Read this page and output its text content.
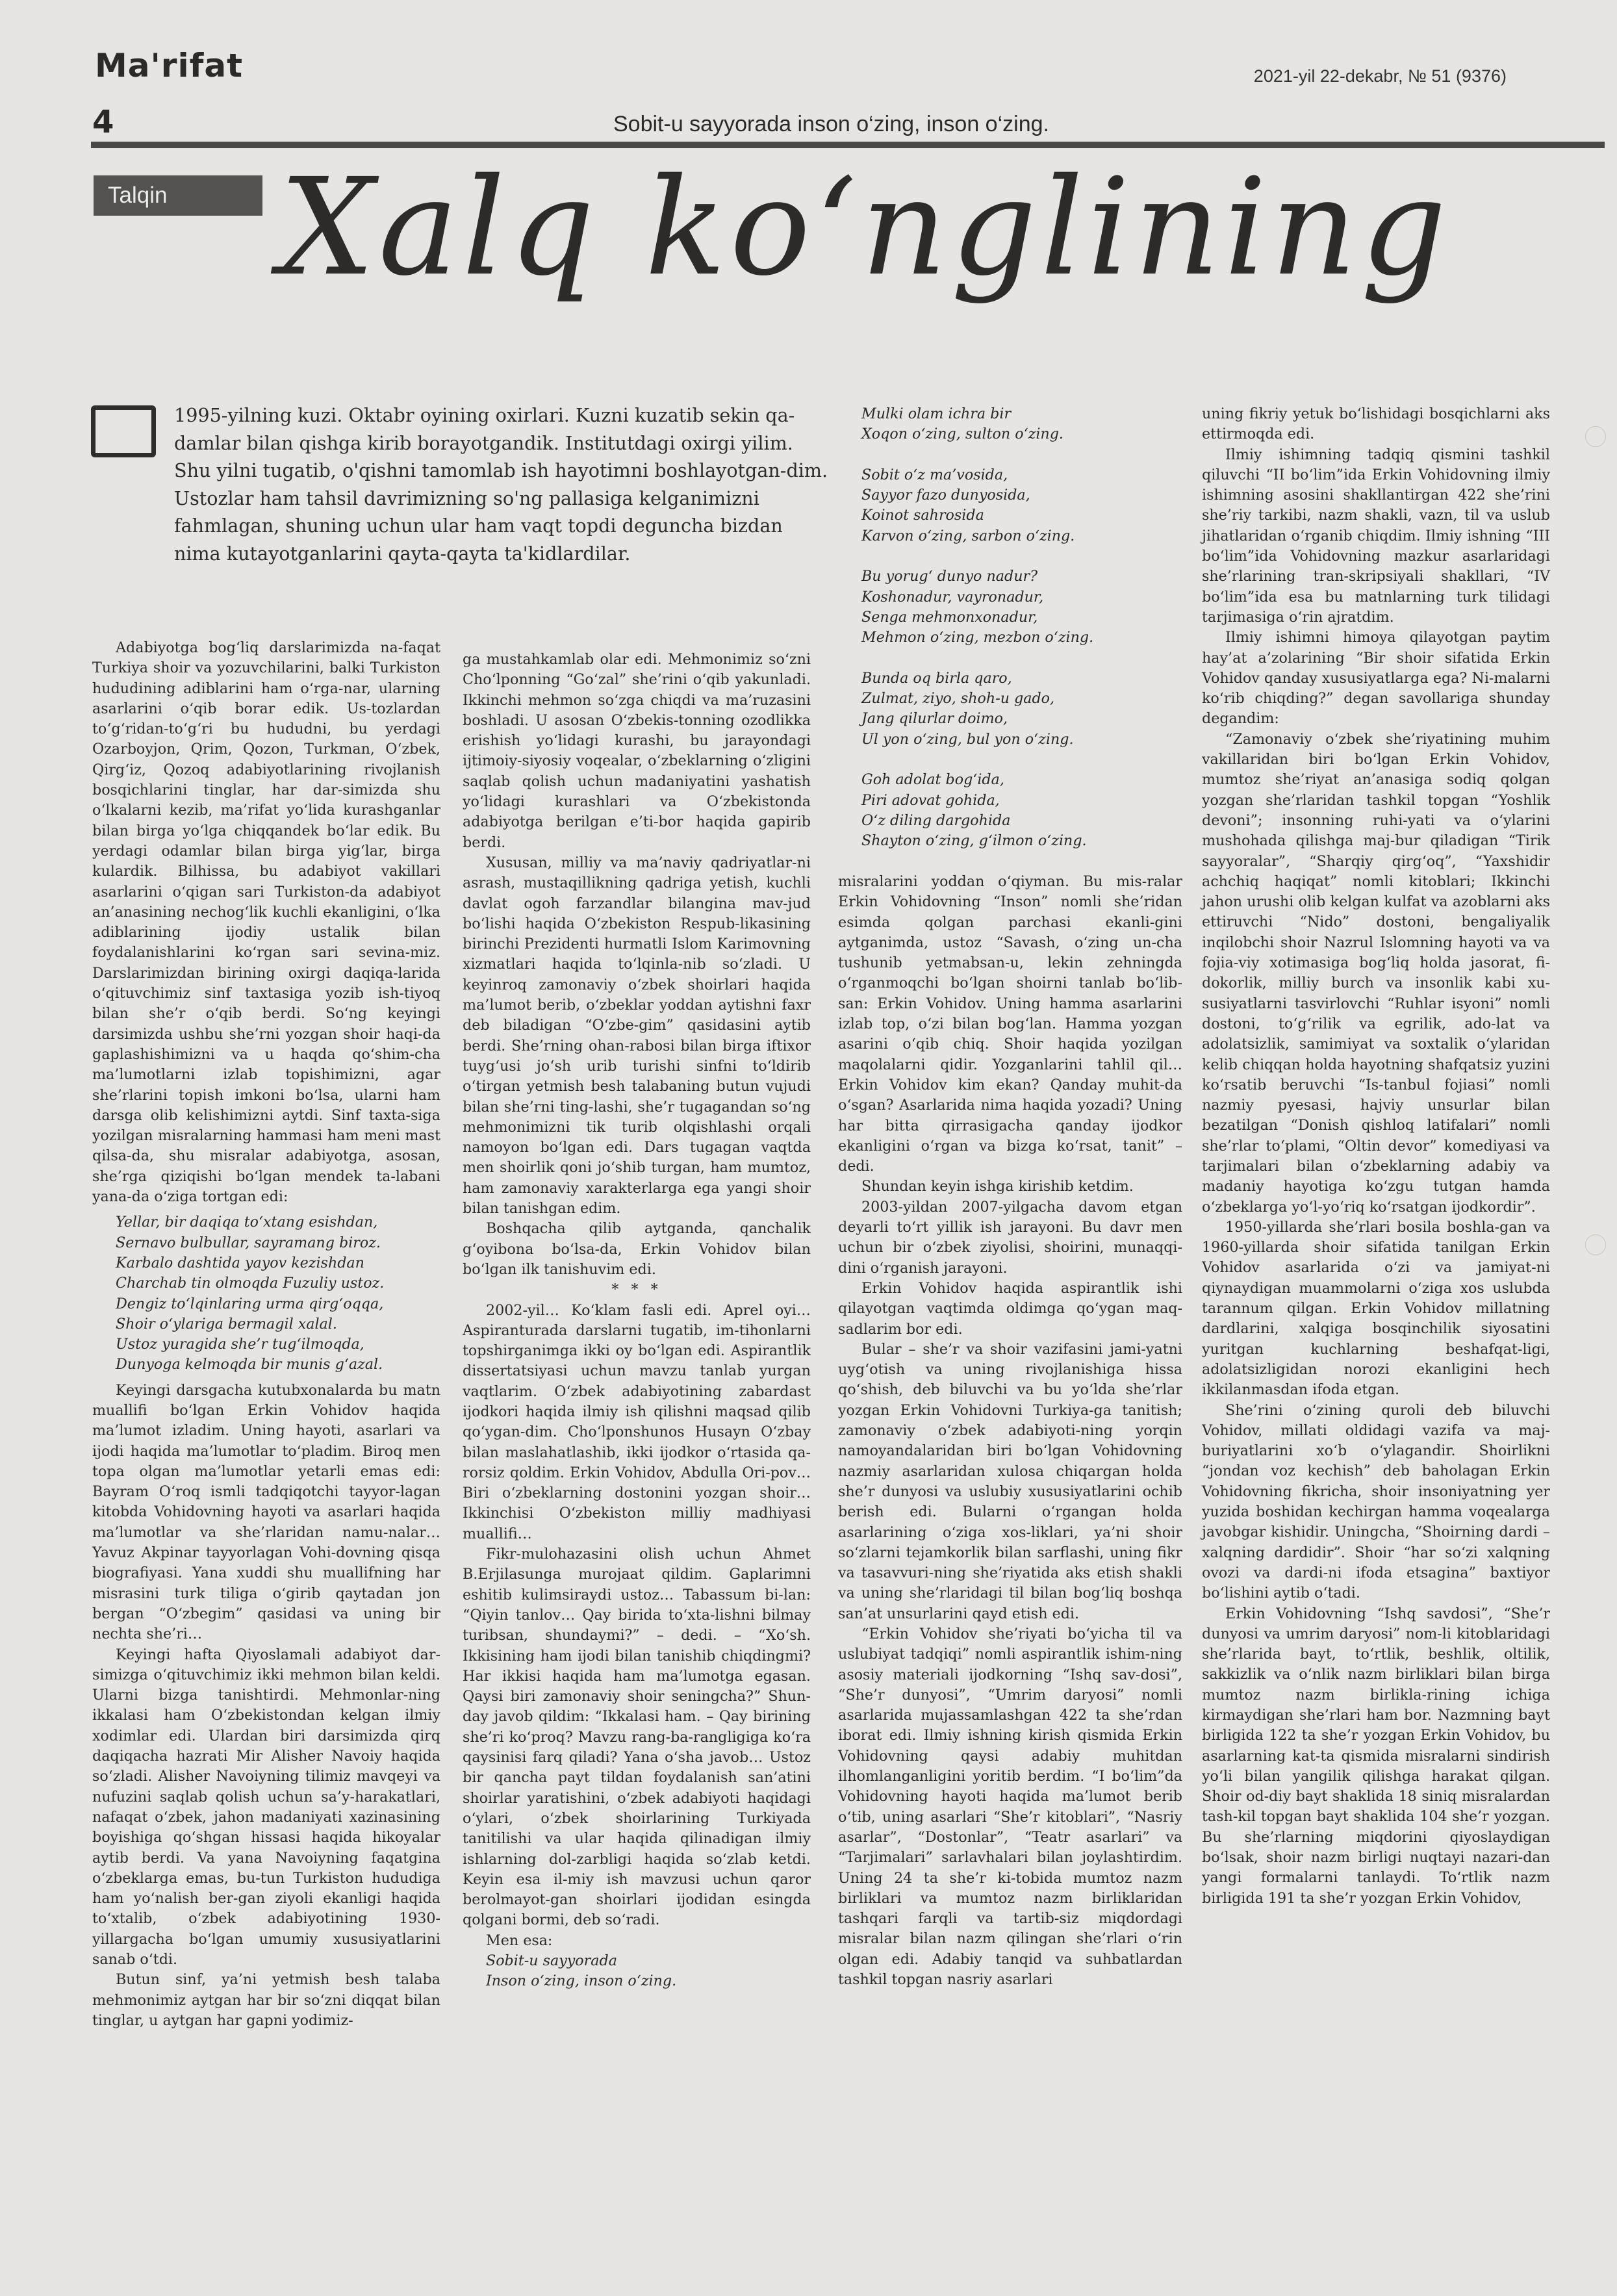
Ma'rifat	2021-yil 22-dekabr, № 51 (9376)
4	Sobit-u sayyorada inson o‘zing, inson o‘zing.
Talqin Xalq ko‘nglining

1995-yilning kuzi. Oktabr oyining oxirlari. Kuzni kuzatib sekin qa-damlar bilan qishga kirib borayotgandik. Institutdagi oxirgi yilim. Shu yilni tugatib, o'qishni tamomlab ish hayotimni boshlayotgan-dim. Ustozlar ham tahsil davrimizning so'ng pallasiga kelganimizni fahmlagan, shuning uchun ular ham vaqt topdi deguncha bizdan nima kutayotganlarini qayta-qayta ta'kidlardilar.

Adabiyotga bog‘liq darslarimizda na-faqat Turkiya shoir va yozuvchilarini, balki Turkiston hududining adiblarini ham o‘rga-nar, ularning asarlarini o‘qib borar edik. Us-tozlardan to‘g‘ridan-to‘g‘ri bu hududni, bu yerdagi Ozarboyjon, Qrim, Qozon, Turkman, O‘zbek, Qirg‘iz, Qozoq adabiyotlarining rivojlanish bosqichlarini tinglar, har dar-simizda shu o‘lkalarni kezib, ma’rifat yo‘lida kurashganlar bilan birga yo‘lga chiqqandek bo‘lar edik. Bu yerdagi odamlar bilan birga yig‘lar, birga kulardik. Bilhissa, bu adabiyot vakillari asarlarini o‘qigan sari Turkiston-da adabiyot an’anasining nechog‘lik kuchli ekanligini, o‘lka adiblarining ijodiy ustalik bilan foydalanishlarini ko‘rgan sari sevina-miz. Darslarimizdan birining oxirgi daqiqa-larida o‘qituvchimiz sinf taxtasiga yozib ish-tiyoq bilan she’r o‘qib berdi. So‘ng keyingi darsimizda ushbu she’rni yozgan shoir haqi-da gaplashishimizni va u haqda qo‘shim-cha ma’lumotlarni izlab topishimizni, agar she’rlarini topish imkoni bo‘lsa, ularni ham darsga olib kelishimizni aytdi. Sinf taxta-siga yozilgan misralarning hammasi ham meni mast qilsa-da, shu misralar adabiyotga, asosan, she’rga qiziqishi bo‘lgan mendek ta-labani yana-da o‘ziga tortgan edi:

Yellar, bir daqiqa to‘xtang esishdan,
Sernavo bulbullar, sayramang biroz.
Karbalo dashtida yayov kezishdan
Charchab tin olmoqda Fuzuliy ustoz.
Dengiz to‘lqinlaring urma qirg‘oqqa,
Shoir o‘ylariga bermagil xalal.
Ustoz yuragida she’r tug‘ilmoqda,
Dunyoga kelmoqda bir munis g‘azal.

Keyingi darsgacha kutubxonalarda bu matn muallifi bo‘lgan Erkin Vohidov haqida ma’lumot izladim. Uning hayoti, asarlari va ijodi haqida ma’lumotlar to‘pladim. Biroq men topa olgan ma’lumotlar yetarli emas edi: Bayram O‘roq ismli tadqiqotchi tayyor-lagan kitobda Vohidovning hayoti va asarlari haqida ma’lumotlar va she’rlaridan namu-nalar… Yavuz Akpinar tayyorlagan Vohi-dovning qisqa biografiyasi. Yana xuddi shu muallifning har misrasini turk tiliga o‘girib qaytadan jon bergan “O‘zbegim” qasidasi va uning bir nechta she’ri…

Keyingi hafta Qiyoslamali adabiyot dar-simizga o‘qituvchimiz ikki mehmon bilan keldi. Ularni bizga tanishtirdi. Mehmonlar-ning ikkalasi ham O‘zbekistondan kelgan ilmiy xodimlar edi. Ulardan biri darsimizda qirq daqiqacha hazrati Mir Alisher Navoiy haqida so‘zladi. Alisher Navoiyning tilimiz mavqeyi va nufuzini saqlab qolish uchun sa’y-harakatlari, nafaqat o‘zbek, jahon madaniyati xazinasining boyishiga qo‘shgan hissasi haqida hikoyalar aytib berdi. Va yana Navoiyning faqatgina o‘zbeklarga emas, bu-tun Turkiston hududiga ham yo‘nalish ber-gan ziyoli ekanligi haqida to‘xtalib, o‘zbek adabiyotining 1930-yillargacha bo‘lgan umumiy xususiyatlarini sanab o‘tdi.

Butun sinf, ya’ni yetmish besh talaba mehmonimiz aytgan har bir so‘zni diqqat bilan tinglar, u aytgan har gapni yodimiz-

ga mustahkamlab olar edi. Mehmonimiz so‘zni Cho‘lponning “Go‘zal” she’rini o‘qib yakunladi. Ikkinchi mehmon so‘zga chiqdi va ma’ruzasini boshladi. U asosan O‘zbekis-tonning ozodlikka erishish yo‘lidagi kurashi, bu jarayondagi ijtimoiy-siyosiy voqealar, o‘zbeklarning o‘zligini saqlab qolish uchun madaniyatini yashatish yo‘lidagi kurashlari va O‘zbekistonda adabiyotga berilgan e’ti-bor haqida gapirib berdi.

Xususan, milliy va ma’naviy qadriyatlar-ni asrash, mustaqillikning qadriga yetish, kuchli davlat ogoh farzandlar bilangina mav-jud bo‘lishi haqida O‘zbekiston Respub-likasining birinchi Prezidenti hurmatli Islom Karimovning xizmatlari haqida to‘lqinla-nib so‘zladi. U keyinroq zamonaviy o‘zbek shoirlari haqida ma’lumot berib, o‘zbeklar yoddan aytishni faxr deb biladigan “O‘zbe-gim” qasidasini aytib berdi. She’rning ohan-rabosi bilan birga iftixor tuyg‘usi jo‘sh urib turishi sinfni to‘ldirib o‘tirgan yetmish besh talabaning butun vujudi bilan she’rni ting-lashi, she’r tugagandan so‘ng mehmonimizni tik turib olqishlashi orqali namoyon bo‘lgan edi. Dars tugagan vaqtda men shoirlik qoni jo‘shib turgan, ham mumtoz, ham zamonaviy xarakterlarga ega yangi shoir bilan tanishgan edim.

Boshqacha qilib aytganda, qanchalik g‘oyibona bo‘lsa-da, Erkin Vohidov bilan bo‘lgan ilk tanishuvim edi.

* * *

2002-yil… Ko‘klam fasli edi. Aprel oyi… Aspiranturada darslarni tugatib, im-tihonlarni topshirganimga ikki oy bo‘lgan edi. Aspirantlik dissertatsiyasi uchun mavzu tanlab yurgan vaqtlarim. O‘zbek adabiyotining zabardast ijodkori haqida ilmiy ish qilishni maqsad qilib qo‘ygan-dim. Cho‘lponshunos Husayn O‘zbay bilan maslahatlashib, ikki ijodkor o‘rtasida qa-rorsiz qoldim. Erkin Vohidov, Abdulla Ori-pov… Biri o‘zbeklarning dostonini yozgan shoir… Ikkinchisi O‘zbekiston milliy madhiyasi muallifi…

Fikr-mulohazasini olish uchun Ahmet B.Erjilasunga murojaat qildim. Gaplarimni eshitib kulimsiraydi ustoz… Tabassum bi-lan: “Qiyin tanlov… Qay birida to‘xta-lishni bilmay turibsan, shundaymi?” – dedi. – “Xo‘sh. Ikkisining ham ijodi bilan tanishib chiqdingmi? Har ikkisi haqida ham ma’lumotga egasan. Qaysi biri zamonaviy shoir seningcha?” Shun-day javob qildim: “Ikkalasi ham. – Qay birining she’ri ko‘proq? Mavzu rang-ba-rangligiga ko‘ra qaysinisi farq qiladi? Yana o‘sha javob… Ustoz bir qancha payt tildan foydalanish san’atini shoirlar yaratishini, o‘zbek adabiyoti haqidagi o‘ylari, o‘zbek shoirlarining Turkiyada tanitilishi va ular haqida qilinadigan ilmiy ishlarning dol-zarbligi haqida so‘zlab ketdi. Keyin esa il-miy ish mavzusi uchun qaror berolmayot-gan shoirlari ijodidan esingda qolgani bormi, deb so‘radi.

Men esa:

Sobit-u sayyorada
Inson o‘zing, inson o‘zing.

Mulki olam ichra bir
Xoqon o‘zing, sulton o‘zing.

Sobit o‘z ma’vosida,
Sayyor fazo dunyosida,
Koinot sahrosida
Karvon o‘zing, sarbon o‘zing.

Bu yorug‘ dunyo nadur?
Koshonadur, vayronadur,
Senga mehmonxonadur,
Mehmon o‘zing, mezbon o‘zing.

Bunda oq birla qaro,
Zulmat, ziyo, shoh-u gado,
Jang qilurlar doimo,
Ul yon o‘zing, bul yon o‘zing.

Goh adolat bog‘ida,
Piri adovat gohida,
O‘z diling dargohida
Shayton o‘zing, g‘ilmon o‘zing.

misralarini yoddan o‘qiyman. Bu mis-ralar Erkin Vohidovning “Inson” nomli she’ridan esimda qolgan parchasi ekanli-gini aytganimda, ustoz “Savash, o‘zing un-cha tushunib yetmabsan-u, lekin zehningda o‘rganmoqchi bo‘lgan shoirni tanlab bo‘lib-san: Erkin Vohidov. Uning hamma asarlarini izlab top, o‘zi bilan bog‘lan. Hamma yozgan asarini o‘qib chiq. Shoir haqida yozilgan maqolalarni qidir. Yozganlarini tahlil qil… Erkin Vohidov kim ekan? Qanday muhit-da o‘sgan? Asarlarida nima haqida yozadi? Uning har bitta qirrasigacha qanday ijodkor ekanligini o‘rgan va bizga ko‘rsat, tanit” – dedi.

Shundan keyin ishga kirishib ketdim.

2003-yildan 2007-yilgacha davom etgan deyarli to‘rt yillik ish jarayoni. Bu davr men uchun bir o‘zbek ziyolisi, shoirini, munaqqi-dini o‘rganish jarayoni.

Erkin Vohidov haqida aspirantlik ishi qilayotgan vaqtimda oldimga qo‘ygan maq-sadlarim bor edi.

Bular – she’r va shoir vazifasini jami-yatni uyg‘otish va uning rivojlanishiga hissa qo‘shish, deb biluvchi va bu yo‘lda she’rlar yozgan Erkin Vohidovni Turkiya-ga tanitish; zamonaviy o‘zbek adabiyoti-ning yorqin namoyandalaridan biri bo‘lgan Vohidovning nazmiy asarlaridan xulosa chiqargan holda she’r dunyosi va uslubiy xususiyatlarini ochib berish edi. Bularni o‘rgangan holda asarlarining o‘ziga xos-liklari, ya’ni shoir so‘zlarni tejamkorlik bilan sarflashi, uning fikr va tasavvuri-ning she’riyatida aks etish shakli va uning she’rlaridagi til bilan bog‘liq boshqa san’at unsurlarini qayd etish edi.

“Erkin Vohidov she’riyati bo‘yicha til va uslubiyat tadqiqi” nomli aspirantlik ishim-ning asosiy materiali ijodkorning “Ishq sav-dosi”, “She’r dunyosi”, “Umrim daryosi” nomli asarlarida mujassamlashgan 422 ta she’rdan iborat edi. Ilmiy ishning kirish qismida Erkin Vohidovning qaysi adabiy muhitdan ilhomlanganligini yoritib berdim. “I bo‘lim”da Vohidovning hayoti haqida ma’lumot berib o‘tib, uning asarlari “She’r kitoblari”, “Nasriy asarlar”, “Dostonlar”, “Teatr asarlari” va “Tarjimalari” sarlavhalari bilan joylashtirdim. Uning 24 ta she’r ki-tobida mumtoz nazm birliklari va mumtoz nazm birliklaridan tashqari farqli va tartib-siz miqdordagi misralar bilan nazm qilingan she’rlari o‘rin olgan edi. Adabiy tanqid va suhbatlardan tashkil topgan nasriy asarlari

uning fikriy yetuk bo‘lishidagi bosqichlarni aks ettirmoqda edi.

Ilmiy ishimning tadqiq qismini tashkil qiluvchi “II bo‘lim”ida Erkin Vohidovning ilmiy ishimning asosini shakllantirgan 422 she’rini she’riy tarkibi, nazm shakli, vazn, til va uslub jihatlaridan o‘rganib chiqdim. Ilmiy ishning “III bo‘lim”ida Vohidovning mazkur asarlaridagi she’rlarining tran-skripsiyali shakllari, “IV bo‘lim”ida esa bu matnlarning turk tilidagi tarjimasiga o‘rin ajratdim.

Ilmiy ishimni himoya qilayotgan paytim hay’at a’zolarining “Bir shoir sifatida Erkin Vohidov qanday xususiyatlarga ega? Ni-malarni ko‘rib chiqding?” degan savollariga shunday degandim:

“Zamonaviy o‘zbek she’riyatining muhim vakillaridan biri bo‘lgan Erkin Vohidov, mumtoz she’riyat an’anasiga sodiq qolgan yozgan she’rlaridan tashkil topgan “Yoshlik devoni”; insonning ruhi-yati va o‘ylarini mushohada qilishga maj-bur qiladigan “Tirik sayyoralar”, “Sharqiy qirg‘oq”, “Yaxshidir achchiq haqiqat” nomli kitoblari; Ikkinchi jahon urushi olib kelgan kulfat va azoblarni aks ettiruvchi “Nido” dostoni, bengaliyalik inqilobchi shoir Nazrul Islomning hayoti va va fojia-viy xotimasiga bog‘liq holda jasorat, fi-dokorlik, milliy burch va insonlik kabi xu-susiyatlarni tasvirlovchi “Ruhlar isyoni” nomli dostoni, to‘g‘rilik va egrilik, ado-lat va adolatsizlik, samimiyat va soxtalik o‘ylaridan kelib chiqqan holda hayotning shafqatsiz yuzini ko‘rsatib beruvchi “Is-tanbul fojiasi” nomli nazmiy pyesasi, hajviy unsurlar bilan bezatilgan “Donish qishloq latifalari” nomli she’rlar to‘plami, “Oltin devor” komediyasi va tarjimalari bilan o‘zbeklarning adabiy va madaniy hayotiga ko‘zgu tutgan hamda o‘zbeklarga yo‘l-yo‘riq ko‘rsatgan ijodkordir”.

1950-yillarda she’rlari bosila boshla-gan va 1960-yillarda shoir sifatida tanilgan Erkin Vohidov asarlarida o‘zi va jamiyat-ni qiynaydigan muammolarni o‘ziga xos uslubda tarannum qilgan. Erkin Vohidov millatning dardlarini, xalqiga bosqinchilik siyosatini yuritgan kuchlarning beshafqat-ligi, adolatsizligidan norozi ekanligini hech ikkilanmasdan ifoda etgan.

She’rini o‘zining quroli deb biluvchi Vohidov, millati oldidagi vazifa va maj-buriyatlarini xo‘b o‘ylagandir. Shoirlikni “jondan voz kechish” deb baholagan Erkin Vohidovning fikricha, shoir insoniyatning yer yuzida boshidan kechirgan hamma voqealarga javobgar kishidir. Uningcha, “Shoirning dardi – xalqning dardidir”. Shoir “har so‘zi xalqning ovozi va dardi-ni ifoda etsagina” baxtiyor bo‘lishini aytib o‘tadi.

Erkin Vohidovning “Ishq savdosi”, “She’r dunyosi va umrim daryosi” nom-li kitoblaridagi she’rlarida bayt, to‘rtlik, beshlik, oltilik, sakkizlik va o‘nlik nazm birliklari bilan birga mumtoz nazm birlikla-rining ichiga kirmaydigan she’rlari ham bor. Nazmning bayt birligida 122 ta she’r yozgan Erkin Vohidov, bu asarlarning kat-ta qismida misralarni sindirish yo‘li bilan yangilik qilishga harakat qilgan. Shoir od-diy bayt shaklida 18 siniq misralardan tash-kil topgan bayt shaklida 104 she’r yozgan. Bu she’rlarning miqdorini qiyoslaydigan bo‘lsak, shoir nazm birligi nuqtayi nazari-dan yangi formalarni tanlaydi. To‘rtlik nazm birligida 191 ta she’r yozgan Erkin Vohidov,
